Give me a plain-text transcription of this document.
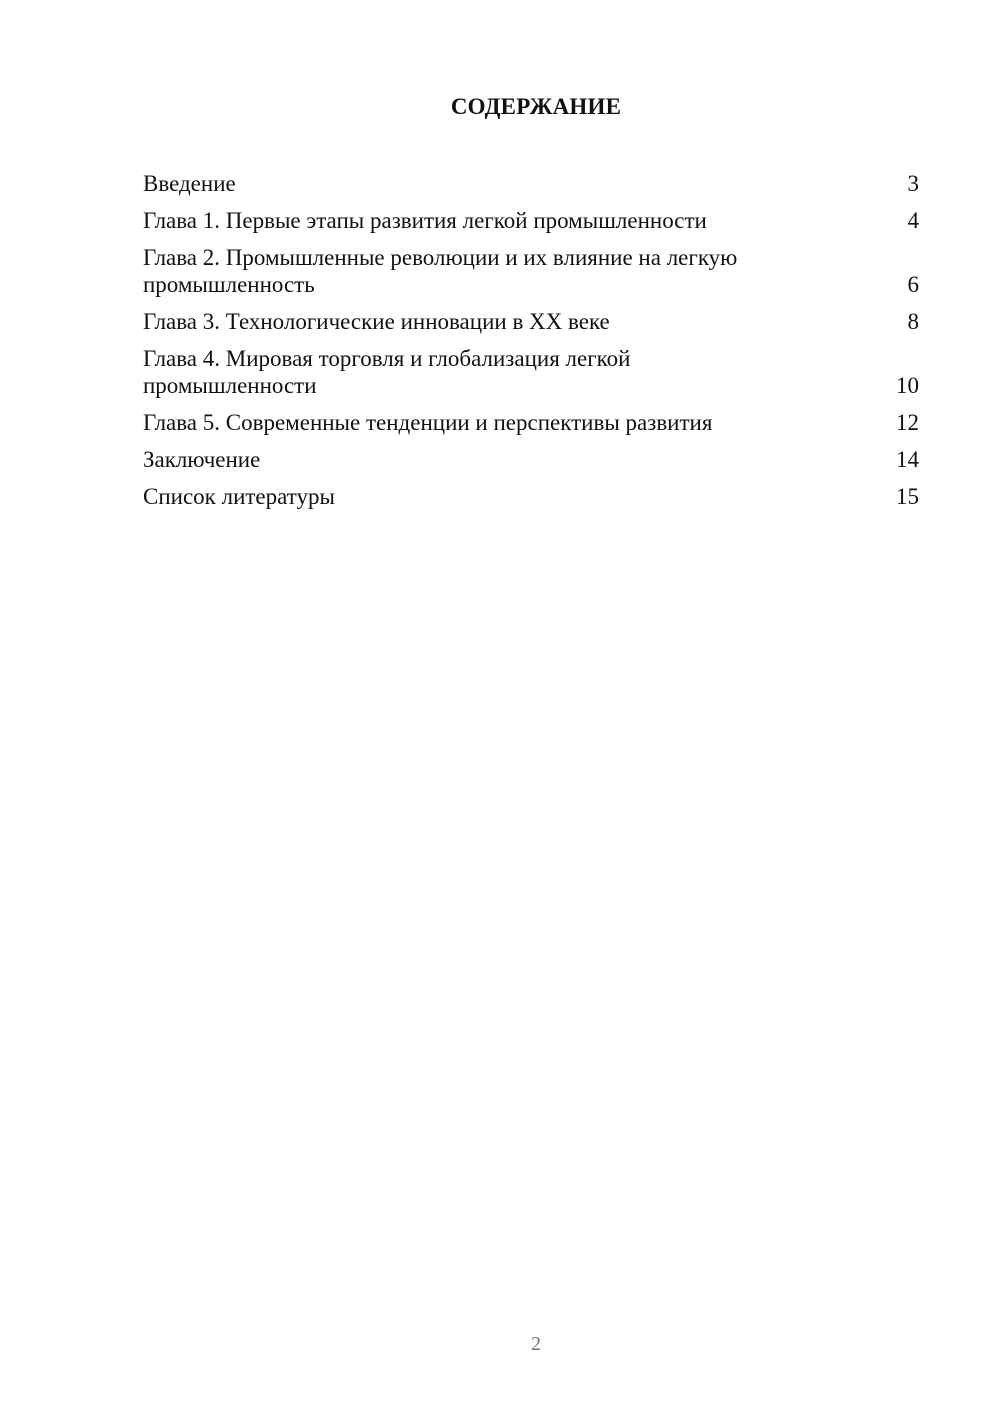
СОДЕРЖАНИЕ
Введение	3
Глава 1. Первые этапы развития легкой промышленности	4
Глава 2. Промышленные революции и их влияние на легкую промышленность	6
Глава 3. Технологические инновации в XX веке	8
Глава 4. Мировая торговля и глобализация легкой промышленности	10
Глава 5. Современные тенденции и перспективы развития	12
Заключение	14
Список литературы	15
2
